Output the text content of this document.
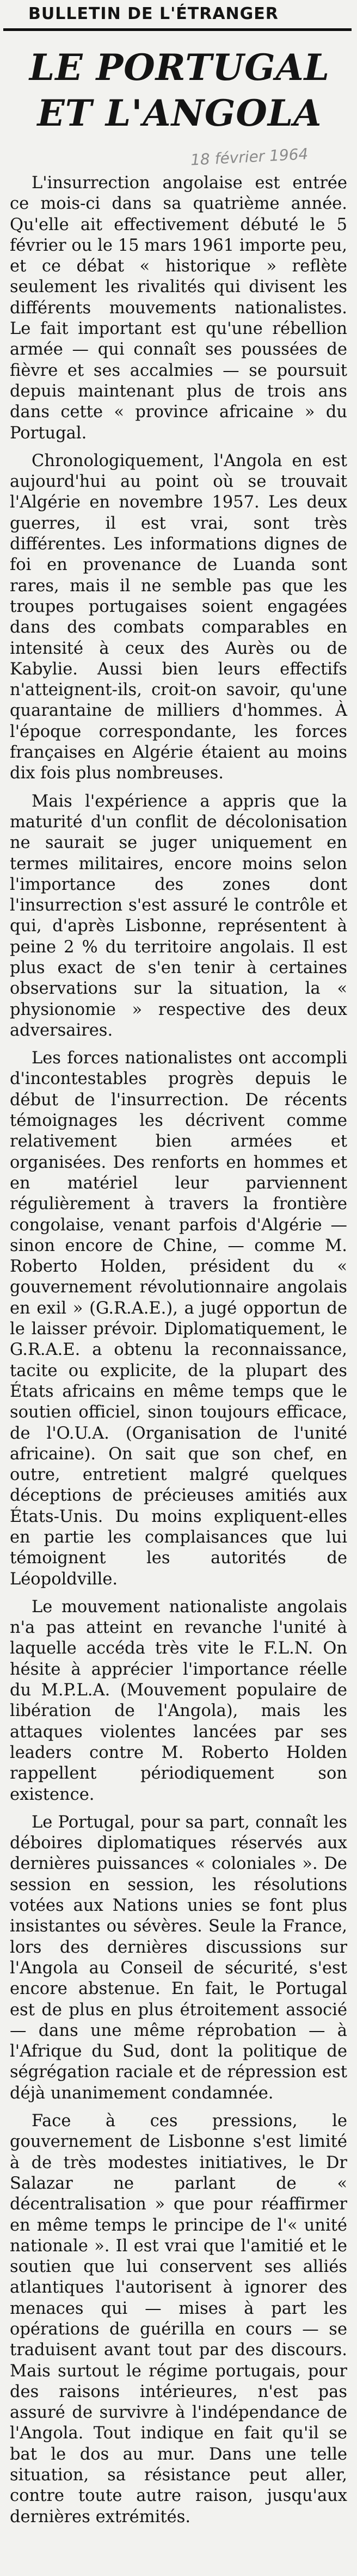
BULLETIN DE L'ÉTRANGER
LE PORTUGAL
ET L'ANGOLA
18 février 1964

L'insurrection angolaise est entrée ce mois-ci dans sa quatrième année. Qu'elle ait effectivement débuté le 5 février ou le 15 mars 1961 importe peu, et ce débat « historique » reflète seulement les rivalités qui divisent les différents mouvements nationalistes. Le fait important est qu'une rébellion armée — qui connaît ses poussées de fièvre et ses accalmies — se poursuit depuis maintenant plus de trois ans dans cette « province africaine » du Portugal.

Chronologiquement, l'Angola en est aujourd'hui au point où se trouvait l'Algérie en novembre 1957. Les deux guerres, il est vrai, sont très différentes. Les informations dignes de foi en provenance de Luanda sont rares, mais il ne semble pas que les troupes portugaises soient engagées dans des combats comparables en intensité à ceux des Aurès ou de Kabylie. Aussi bien leurs effectifs n'atteignent-ils, croit-on savoir, qu'une quarantaine de milliers d'hommes. À l'époque correspondante, les forces françaises en Algérie étaient au moins dix fois plus nombreuses.

Mais l'expérience a appris que la maturité d'un conflit de décolonisation ne saurait se juger uniquement en termes militaires, encore moins selon l'importance des zones dont l'insurrection s'est assuré le contrôle et qui, d'après Lisbonne, représentent à peine 2 % du territoire angolais. Il est plus exact de s'en tenir à certaines observations sur la situation, la « physionomie » respective des deux adversaires.

Les forces nationalistes ont accompli d'incontestables progrès depuis le début de l'insurrection. De récents témoignages les décrivent comme relativement bien armées et organisées. Des renforts en hommes et en matériel leur parviennent régulièrement à travers la frontière congolaise, venant parfois d'Algérie — sinon encore de Chine, — comme M. Roberto Holden, président du « gouvernement révolutionnaire angolais en exil » (G.R.A.E.), a jugé opportun de le laisser prévoir. Diplomatiquement, le G.R.A.E. a obtenu la reconnaissance, tacite ou explicite, de la plupart des États africains en même temps que le soutien officiel, sinon toujours efficace, de l'O.U.A. (Organisation de l'unité africaine). On sait que son chef, en outre, entretient malgré quelques déceptions de précieuses amitiés aux États-Unis. Du moins expliquent-elles en partie les complaisances que lui témoignent les autorités de Léopoldville.

Le mouvement nationaliste angolais n'a pas atteint en revanche l'unité à laquelle accéda très vite le F.L.N. On hésite à apprécier l'importance réelle du M.P.L.A. (Mouvement populaire de libération de l'Angola), mais les attaques violentes lancées par ses leaders contre M. Roberto Holden rappellent périodiquement son existence.

Le Portugal, pour sa part, connaît les déboires diplomatiques réservés aux dernières puissances « coloniales ». De session en session, les résolutions votées aux Nations unies se font plus insistantes ou sévères. Seule la France, lors des dernières discussions sur l'Angola au Conseil de sécurité, s'est encore abstenue. En fait, le Portugal est de plus en plus étroitement associé — dans une même réprobation — à l'Afrique du Sud, dont la politique de ségrégation raciale et de répression est déjà unanimement condamnée.

Face à ces pressions, le gouvernement de Lisbonne s'est limité à de très modestes initiatives, le Dr Salazar ne parlant de « décentralisation » que pour réaffirmer en même temps le principe de l'« unité nationale ». Il est vrai que l'amitié et le soutien que lui conservent ses alliés atlantiques l'autorisent à ignorer des menaces qui — mises à part les opérations de guérilla en cours — se traduisent avant tout par des discours. Mais surtout le régime portugais, pour des raisons intérieures, n'est pas assuré de survivre à l'indépendance de l'Angola. Tout indique en fait qu'il se bat le dos au mur. Dans une telle situation, sa résistance peut aller, contre toute autre raison, jusqu'aux dernières extrémités.
